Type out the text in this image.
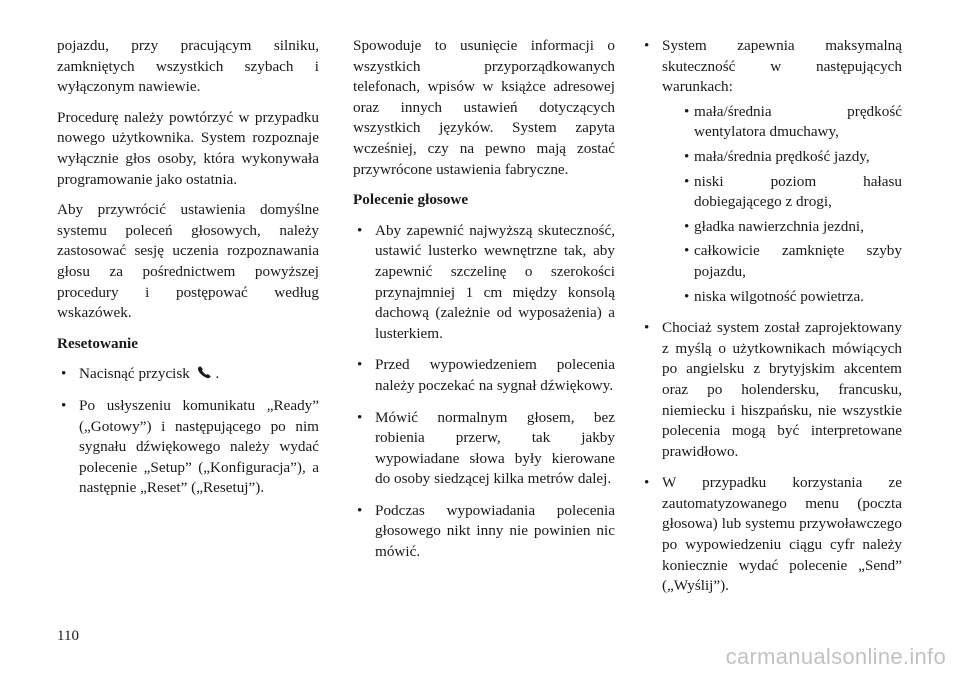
pojazdu, przy pracującym silniku, zamkniętych wszystkich szybach i wyłączonym nawiewie.

Procedurę należy powtórzyć w przypadku nowego użytkownika. System rozpoznaje wyłącznie głos osoby, która wykonywała programowanie jako ostatnia.

Aby przywrócić ustawienia domyślne systemu poleceń głosowych, należy zastosować sesję uczenia rozpoznawania głosu za pośrednictwem powyższej procedury i postępować według wskazówek.

Resetowanie
• Nacisnąć przycisk .
• Po usłyszeniu komunikatu „Ready” („Gotowy”) i następującego po nim sygnału dźwiękowego należy wydać polecenie „Setup” („Konfiguracja”), a następnie „Reset” („Resetuj”).

Spowoduje to usunięcie informacji o wszystkich przyporządkowanych telefonach, wpisów w książce adresowej oraz innych ustawień dotyczących wszystkich języków. System zapyta wcześniej, czy na pewno mają zostać przywrócone ustawienia fabryczne.

Polecenie głosowe
• Aby zapewnić najwyższą skuteczność, ustawić lusterko wewnętrzne tak, aby zapewnić szczelinę o szerokości przynajmniej 1 cm między konsolą dachową (zależnie od wyposażenia) a lusterkiem.
• Przed wypowiedzeniem polecenia należy poczekać na sygnał dźwiękowy.
• Mówić normalnym głosem, bez robienia przerw, tak jakby wypowiadane słowa były kierowane do osoby siedzącej kilka metrów dalej.
• Podczas wypowiadania polecenia głosowego nikt inny nie powinien nic mówić.
• System zapewnia maksymalną skuteczność w następujących warunkach:
• mała/średnia prędkość wentylatora dmuchawy,
• mała/średnia prędkość jazdy,
• niski poziom hałasu dobiegającego z drogi,
• gładka nawierzchnia jezdni,
• całkowicie zamknięte szyby pojazdu,
• niska wilgotność powietrza.
• Chociaż system został zaprojektowany z myślą o użytkownikach mówiących po angielsku z brytyjskim akcentem oraz po holendersku, francusku, niemiecku i hiszpańsku, nie wszystkie polecenia mogą być interpretowane prawidłowo.
• W przypadku korzystania ze zautomatyzowanego menu (poczta głosowa) lub systemu przywoławczego po wypowiedzeniu ciągu cyfr należy koniecznie wydać polecenie „Send” („Wyślij”).
110
carmanualsonline.info
